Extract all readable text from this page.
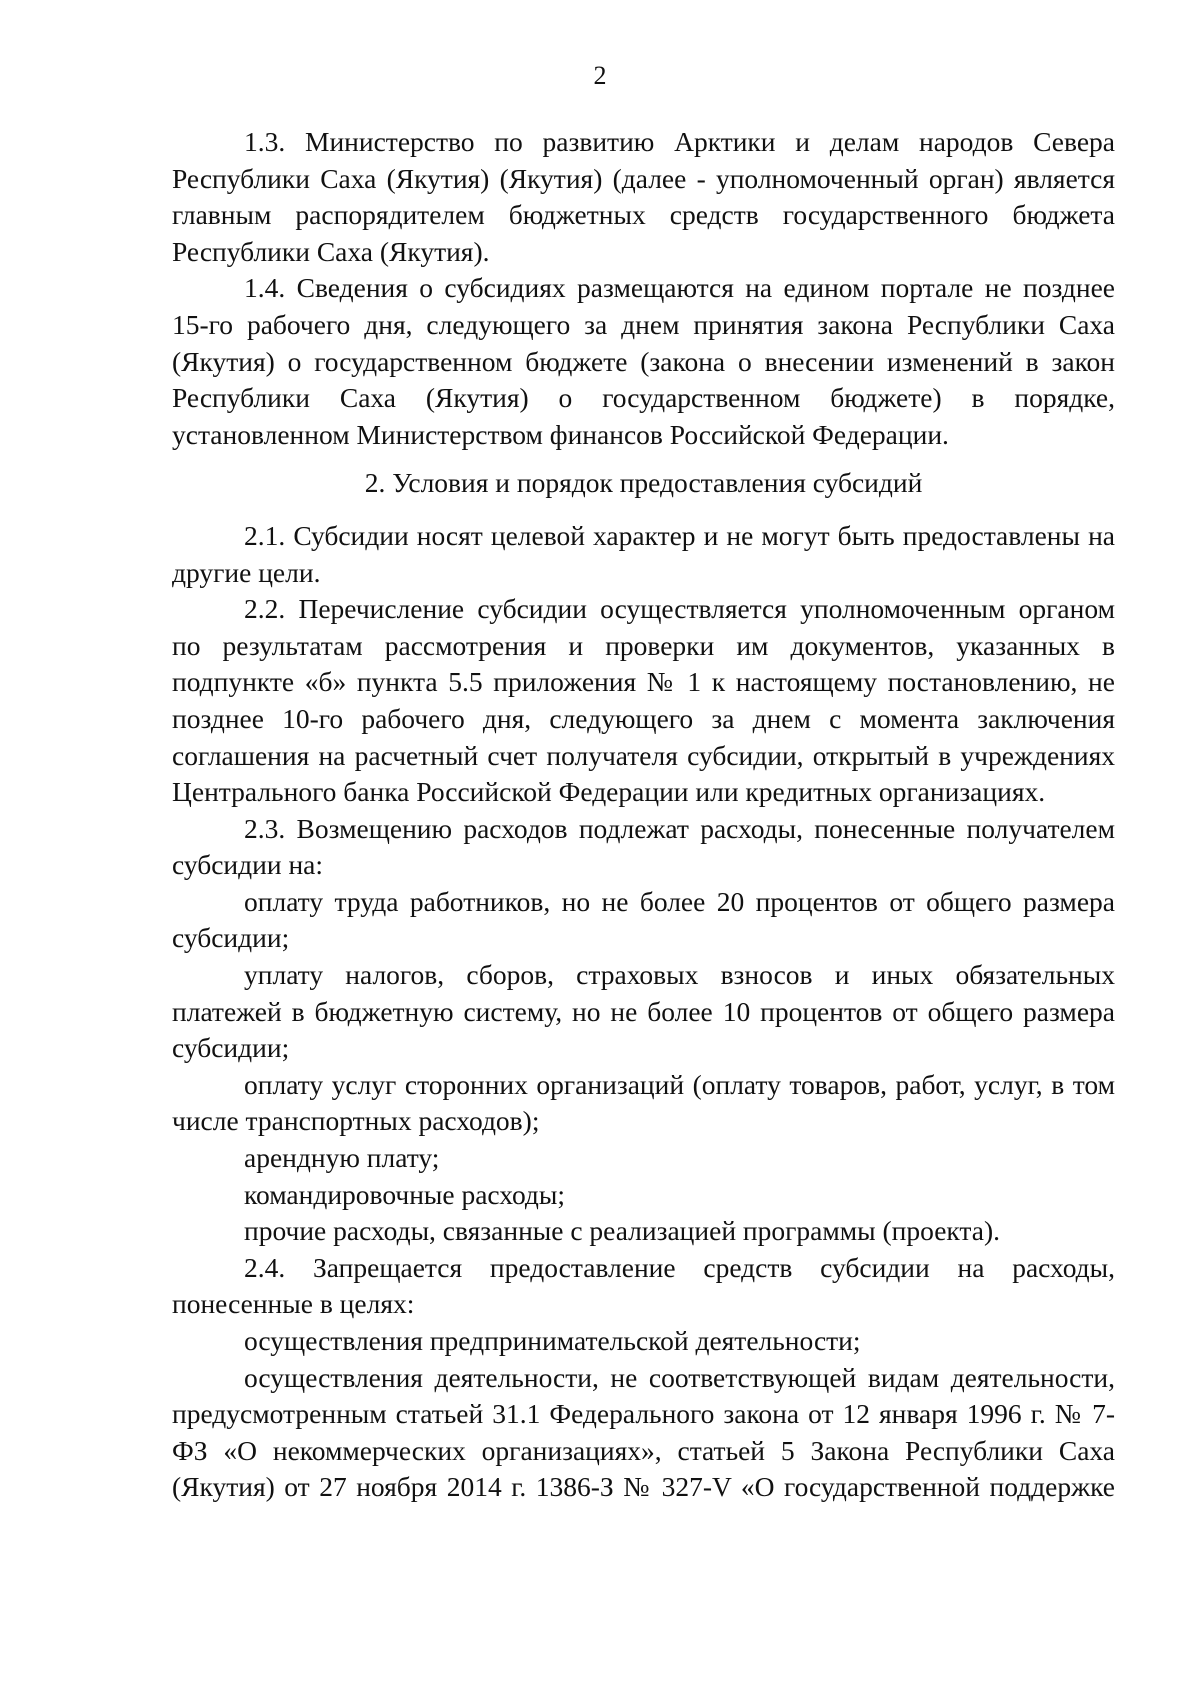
2

1.3. Министерство по развитию Арктики и делам народов Севера Республики Саха (Якутия) (Якутия) (далее - уполномоченный орган) является главным распорядителем бюджетных средств государственного бюджета Республики Саха (Якутия).

1.4. Сведения о субсидиях размещаются на едином портале не позднее 15-го рабочего дня, следующего за днем принятия закона Республики Саха (Якутия) о государственном бюджете (закона о внесении изменений в закон Республики Саха (Якутия) о государственном бюджете) в порядке, установленном Министерством финансов Российской Федерации.

2. Условия и порядок предоставления субсидий

2.1. Субсидии носят целевой характер и не могут быть предоставлены на другие цели.

2.2. Перечисление субсидии осуществляется уполномоченным органом по результатам рассмотрения и проверки им документов, указанных в подпункте «б» пункта 5.5 приложения № 1 к настоящему постановлению, не позднее 10-го рабочего дня, следующего за днем с момента заключения соглашения на расчетный счет получателя субсидии, открытый в учреждениях Центрального банка Российской Федерации или кредитных организациях.

2.3. Возмещению расходов подлежат расходы, понесенные получателем субсидии на:

оплату труда работников, но не более 20 процентов от общего размера субсидии;

уплату налогов, сборов, страховых взносов и иных обязательных платежей в бюджетную систему, но не более 10 процентов от общего размера субсидии;

оплату услуг сторонних организаций (оплату товаров, работ, услуг, в том числе транспортных расходов);

арендную плату;

командировочные расходы;

прочие расходы, связанные с реализацией программы (проекта).

2.4. Запрещается предоставление средств субсидии на расходы, понесенные в целях:

осуществления предпринимательской деятельности;

осуществления деятельности, не соответствующей видам деятельности, предусмотренным статьей 31.1 Федерального закона от 12 января 1996 г. № 7-ФЗ «О некоммерческих организациях», статьей 5 Закона Республики Саха (Якутия) от 27 ноября 2014 г. 1386-З № 327-V «О государственной поддержке
